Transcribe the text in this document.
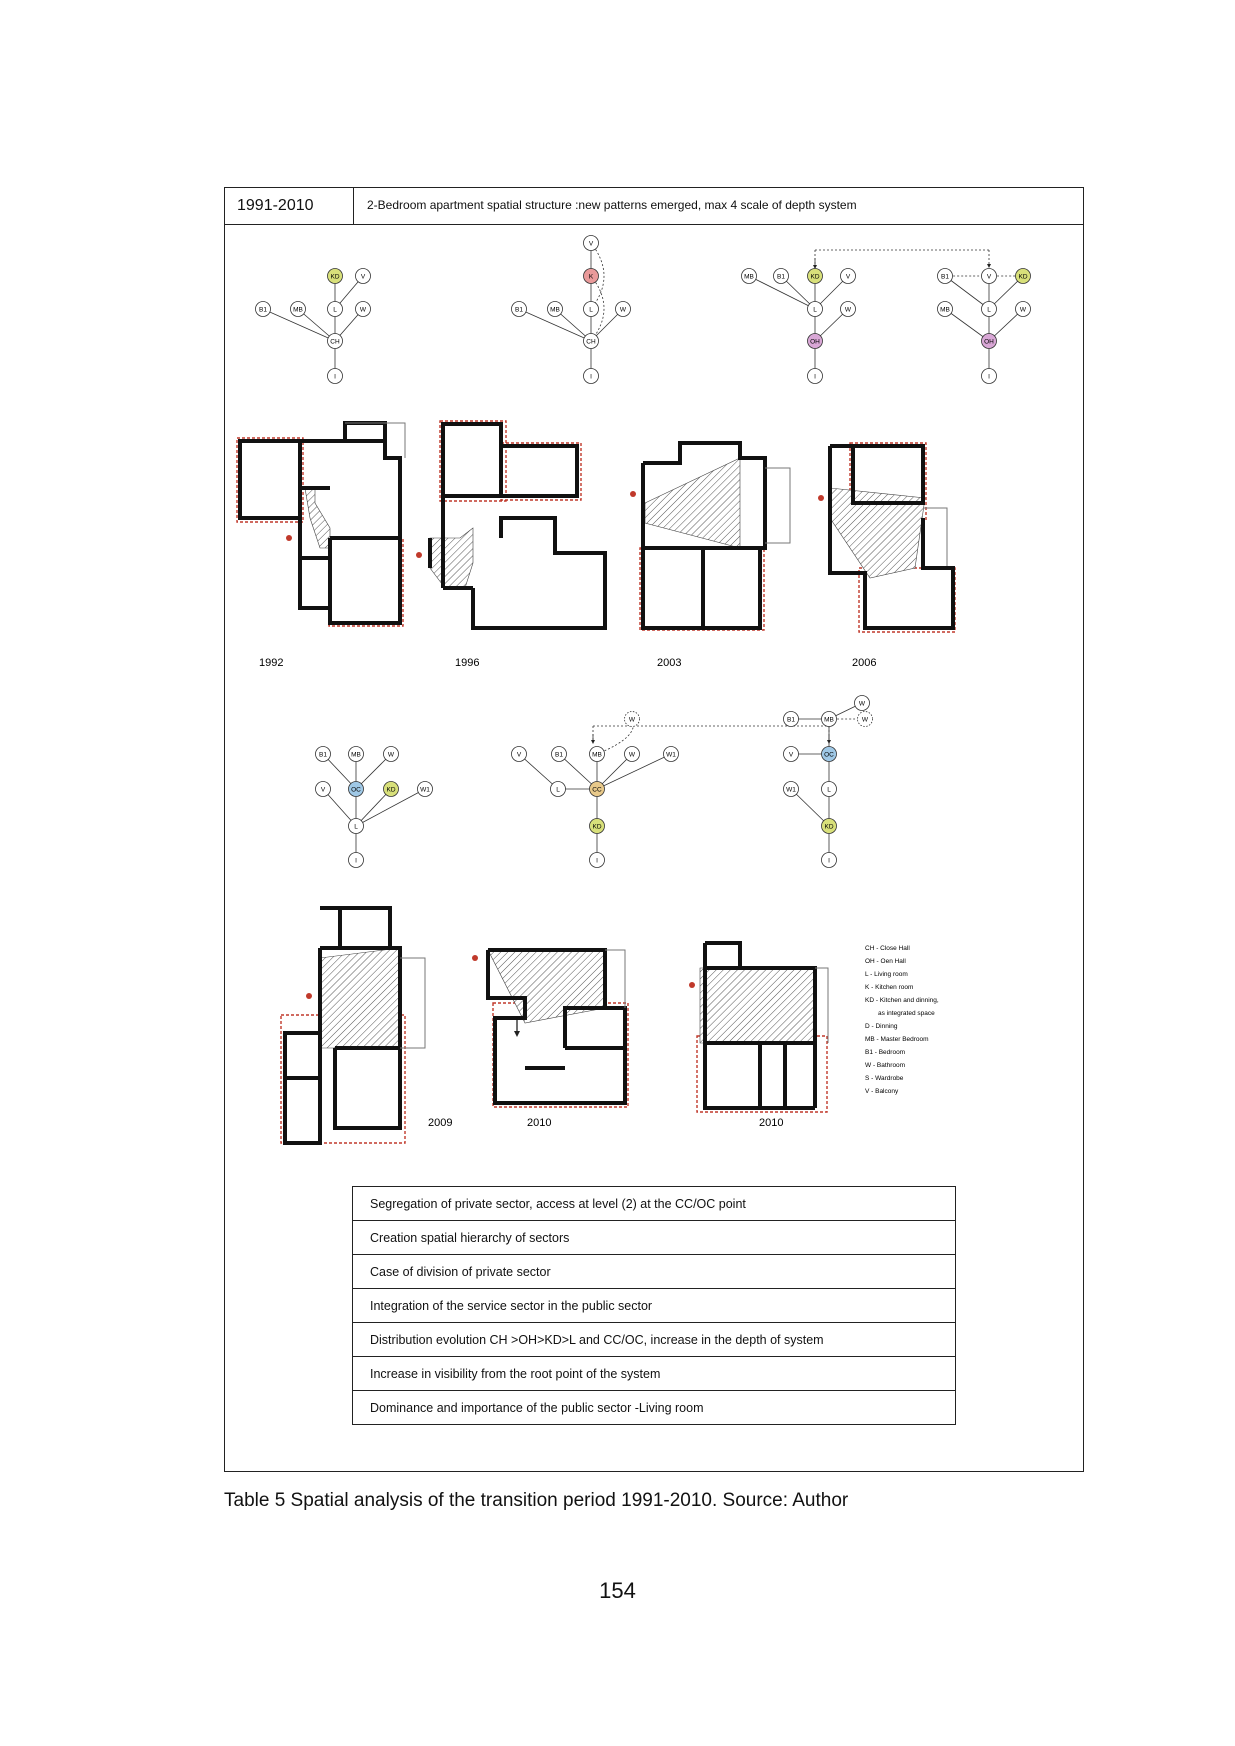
1991-2010	2-Bedroom apartment spatial structure :new patterns emerged, max 4 scale of depth system
KD	V
B1	MB	L	W
CH
I
V
K
B1	MB	L	W
CH
I
MB	B1	KD	V
L	W
OH
I
B1	V	KD
MB	L	W
OH
I
B1	MB	W
V	OC	KD	W1
L
I
W
V	B1	MB	W	W1
L	CC
KD
I
W
B1	MB	W
V	OC
L
W1
KD
I
1992	1996	2003	2006
2009	2010	2010
CH - Close Hall
OH - Oen Hall
L - Living room
K - Kitchen room
KD - Kitchen and dinning,
as integrated space
D - Dinning
MB - Master Bedroom
B1 - Bedroom
W - Bathroom
S - Wardrobe
V - Balcony
Segregation of private sector, access at level (2) at the CC/OC point
Creation spatial hierarchy of sectors
Case of division of private sector
Integration of the service sector in the public sector
Distribution evolution CH >OH>KD>L and CC/OC, increase in the depth of system
Increase in visibility from the root point of the system
Dominance and importance of the public sector -Living room
Table 5 Spatial analysis of the transition period 1991-2010. Source: Author
154
